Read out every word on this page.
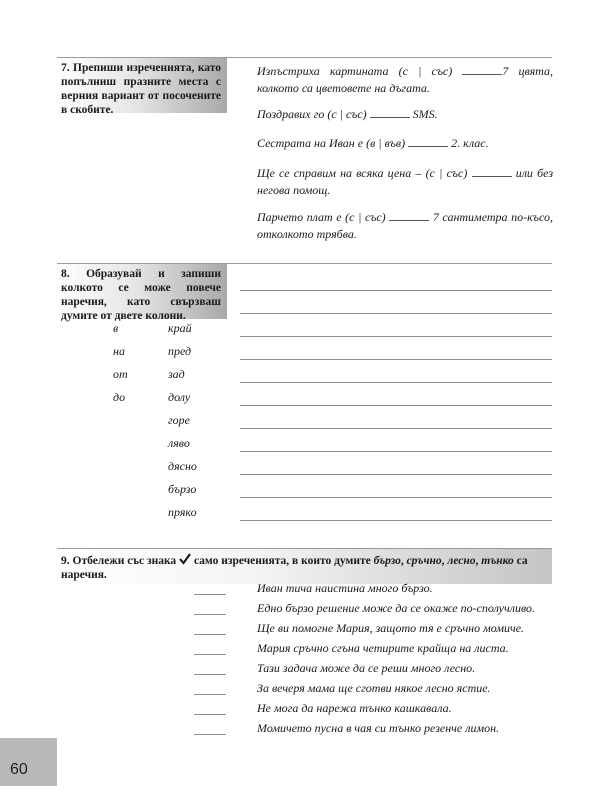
7. Препиши изреченията, като попълниш празните места с верния вариант от посочените в скобите.
Изпъстриха картината (с | със)	7 цвята, колкото са цветовете на дъгата.
Поздравих го (с | със)	SMS.
Сестрата на Иван е (в | във)	2. клас.
Ще се справим на всяка цена – (с | със)	или без негова помощ.
Парчето плат е (с | със)	7 сантиметра по-късо, отколкото трябва.
8. Образувай и запиши колкото се може повече наречия, като свързваш думите от двете колони.
в
на
от
до
край
пред
зад
долу
горе
ляво
дясно
бързо
пряко
9. Отбележи със знака  само изреченията, в които думите бързо, сръчно, лесно, тънко са наречия.
Иван тича наистина много бързо.
Едно бързо решение може да се окаже по-сполучливо.
Ще ви помогне Мария, защото тя е сръчно момиче.
Мария сръчно сгъна четирите крайща на листа.
Тази задача може да се реши много лесно.
За вечеря мама ще сготви някое лесно ястие.
Не мога да нарежа тънко кашкавала.
Момичето пусна в чая си тънко резенче лимон.
60
